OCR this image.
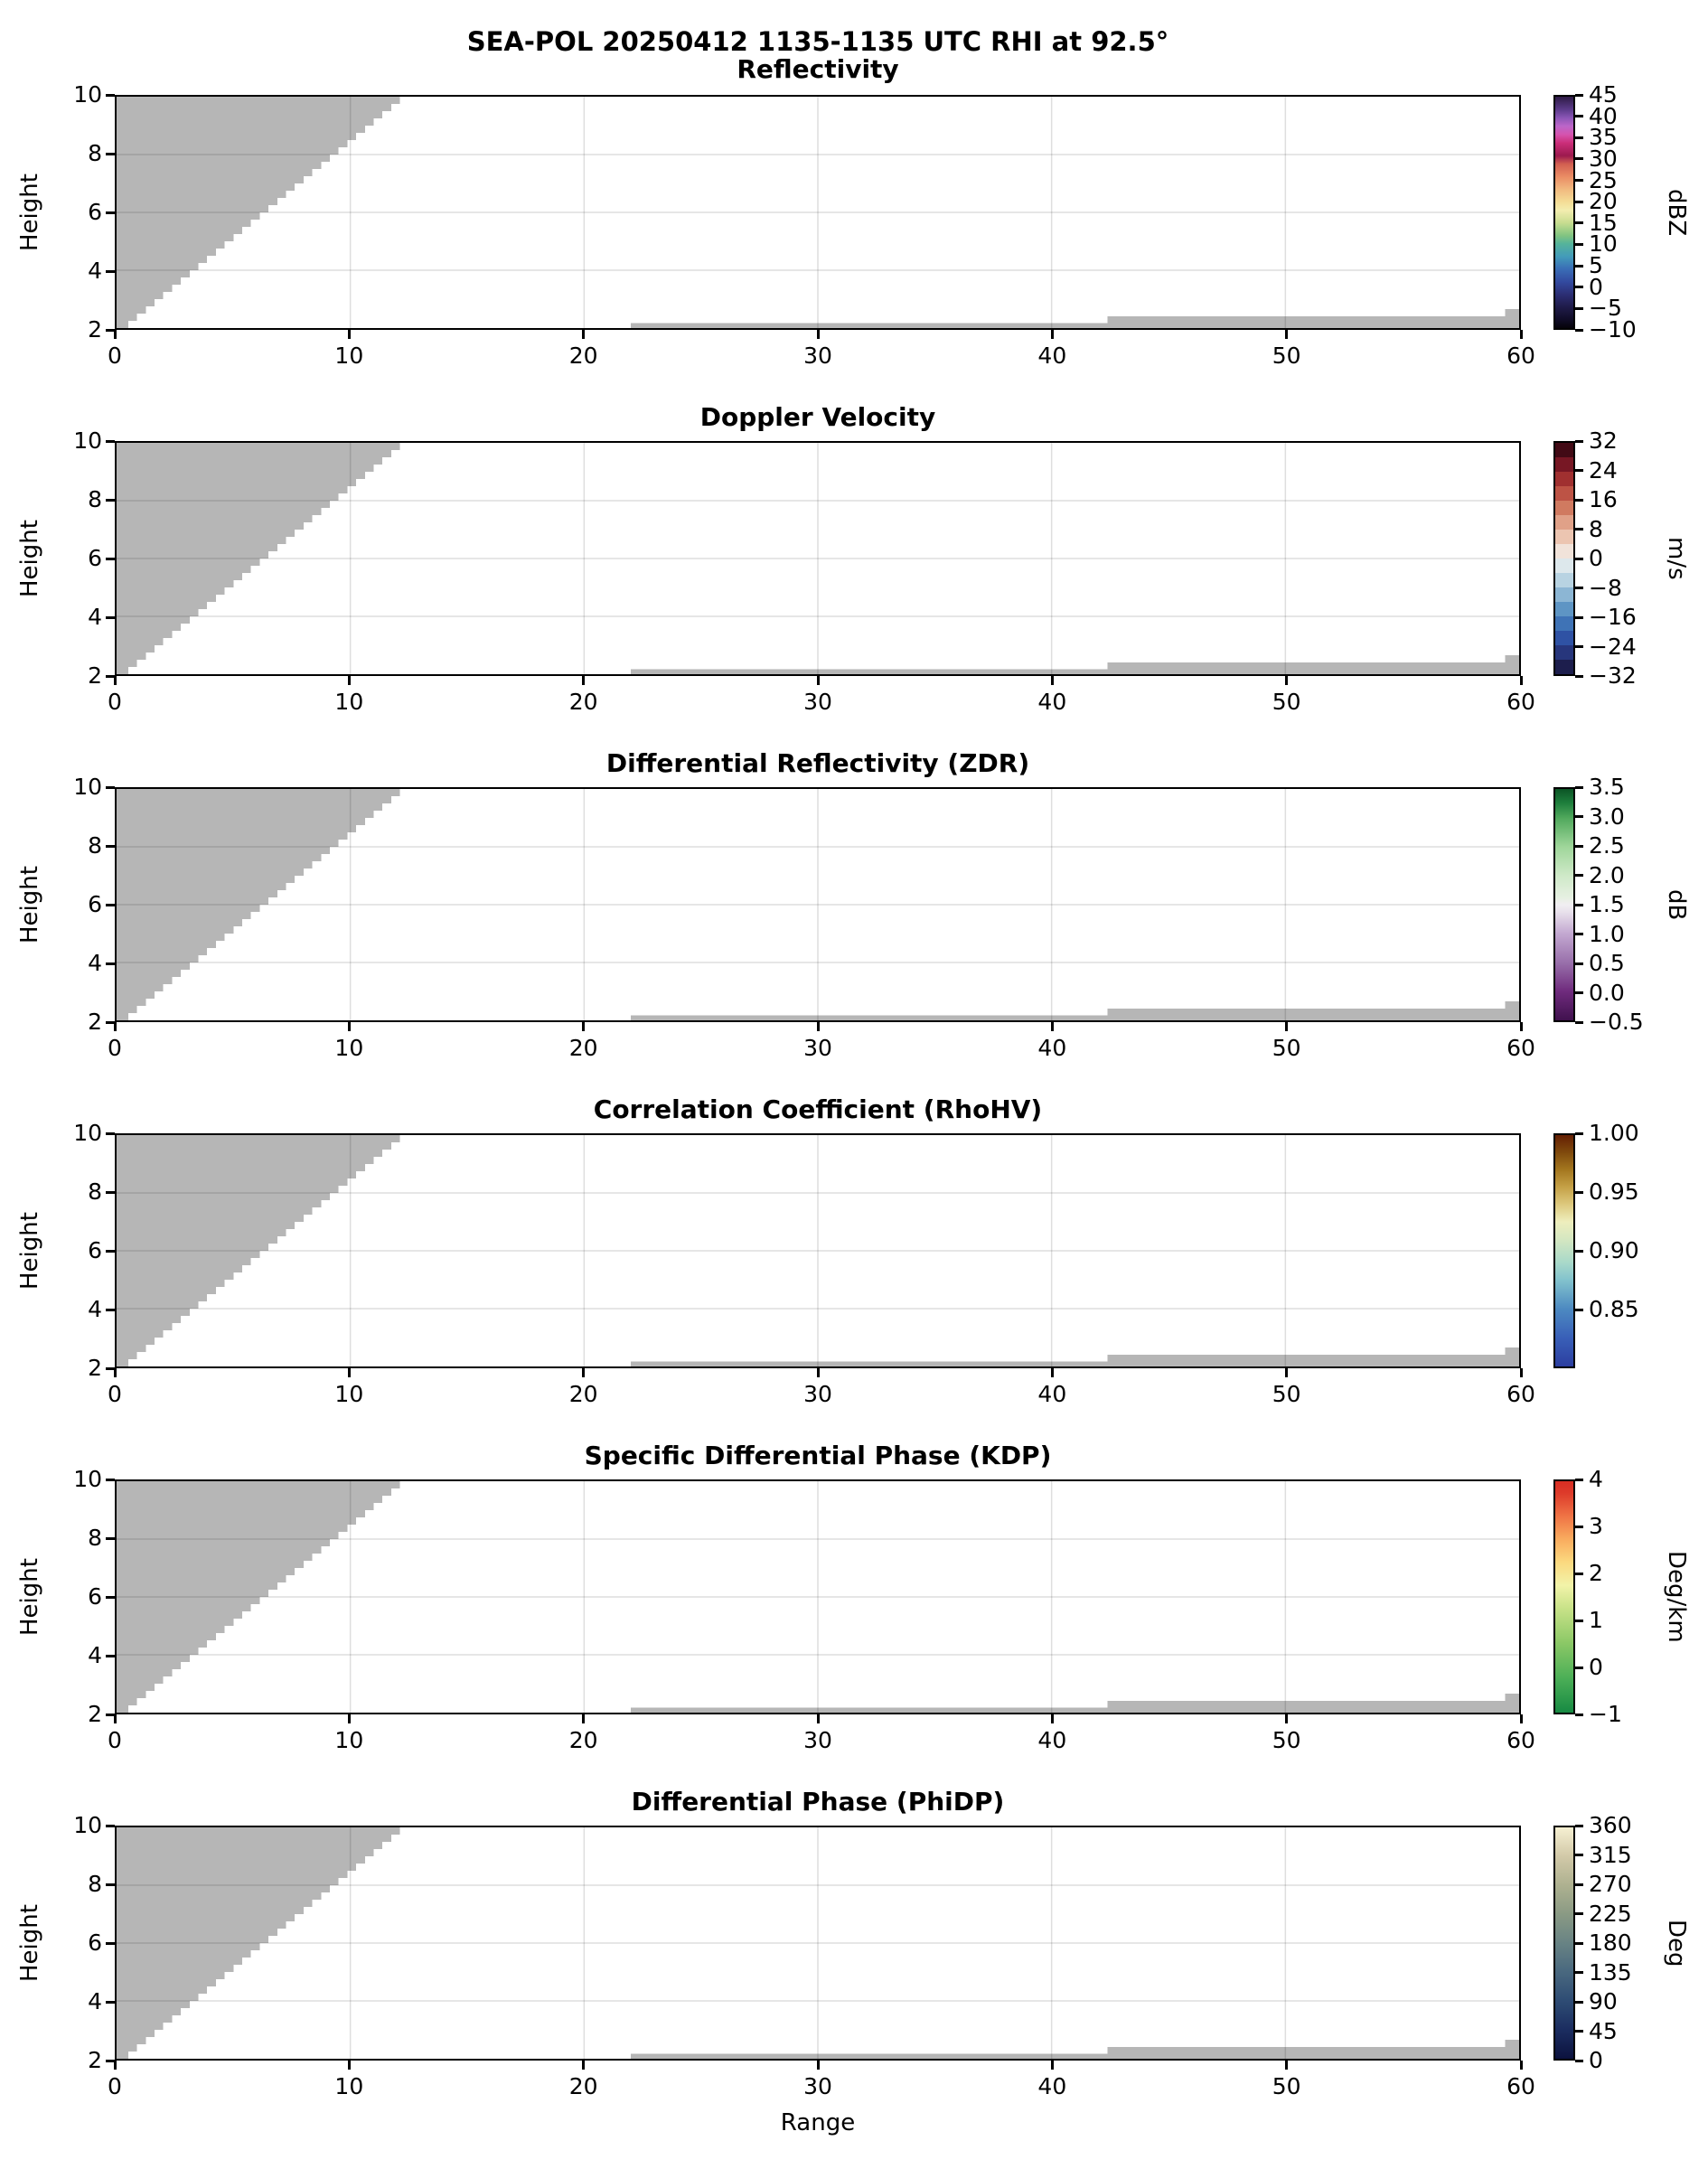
SEA-POL 20250412 1135-1135 UTC RHI at 92.5°
Reflectivity
0	10	20	30	40	50	60
2
4
6
8
10
Height
45
40
35
30
25
20
15
10
5
0
−5
−10
dBZ
Doppler Velocity
0	10	20	30	40	50	60
2
4
6
8
10
Height
32
24
16
8
0
−8
−16
−24
−32
m/s
Differential Reflectivity (ZDR)
0	10	20	30	40	50	60
2
4
6
8
10
Height
3.5
3.0
2.5
2.0
1.5
1.0
0.5
0.0
−0.5
dB
Correlation Coefficient (RhoHV)
0	10	20	30	40	50	60
2
4
6
8
10
Height
1.00
0.95
0.90
0.85
Specific Differential Phase (KDP)
0	10	20	30	40	50	60
2
4
6
8
10
Height
4
3
2
1
0
−1
Deg/km
Differential Phase (PhiDP)
0	10	20	30	40	50	60
2
4
6
8
10
Height
360
315
270
225
180
135
90
45
0
Deg
Range
